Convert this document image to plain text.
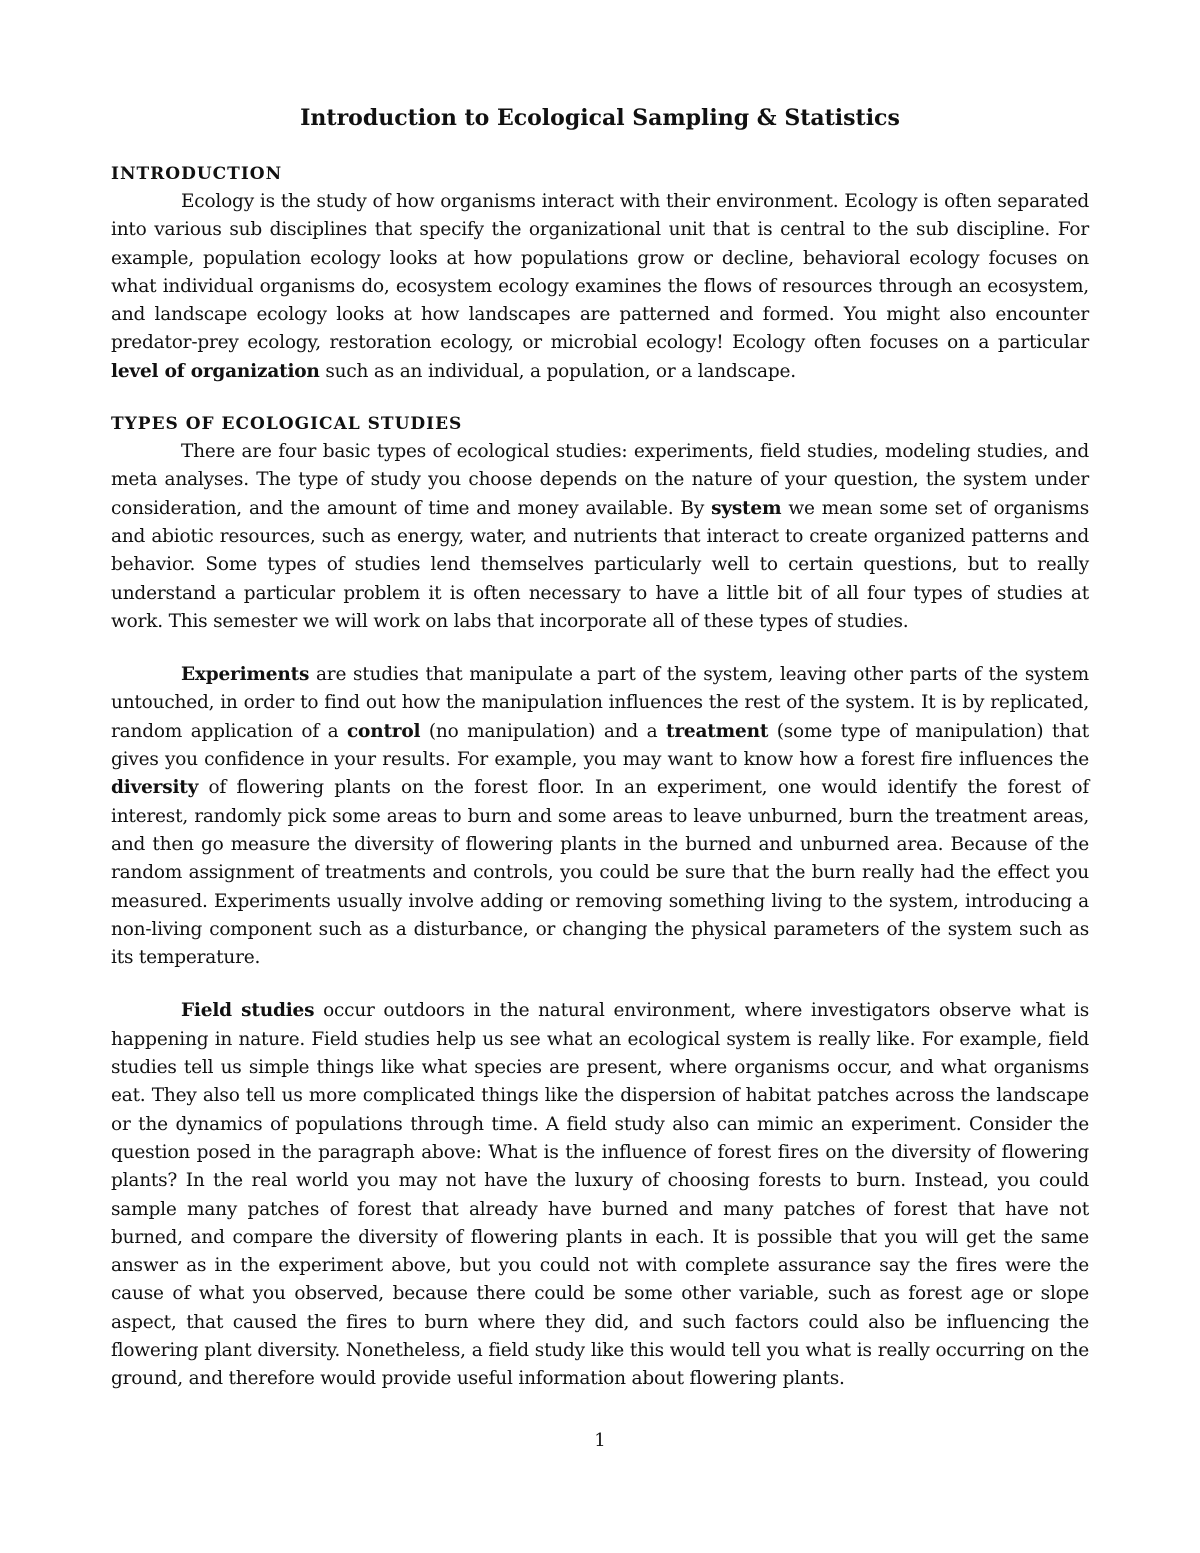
Introduction to Ecological Sampling & Statistics
INTRODUCTION

Ecology is the study of how organisms interact with their environment. Ecology is often separated into various sub disciplines that specify the organizational unit that is central to the sub discipline. For example, population ecology looks at how populations grow or decline, behavioral ecology focuses on what individual organisms do, ecosystem ecology examines the flows of resources through an ecosystem, and landscape ecology looks at how landscapes are patterned and formed. You might also encounter predator-prey ecology, restoration ecology, or microbial ecology! Ecology often focuses on a particular level of organization such as an individual, a population, or a landscape.

TYPES OF ECOLOGICAL STUDIES

There are four basic types of ecological studies: experiments, field studies, modeling studies, and meta analyses. The type of study you choose depends on the nature of your question, the system under consideration, and the amount of time and money available. By system we mean some set of organisms and abiotic resources, such as energy, water, and nutrients that interact to create organized patterns and behavior. Some types of studies lend themselves particularly well to certain questions, but to really understand a particular problem it is often necessary to have a little bit of all four types of studies at work. This semester we will work on labs that incorporate all of these types of studies.

Experiments are studies that manipulate a part of the system, leaving other parts of the system untouched, in order to find out how the manipulation influences the rest of the system. It is by replicated, random application of a control (no manipulation) and a treatment (some type of manipulation) that gives you confidence in your results. For example, you may want to know how a forest fire influences the diversity of flowering plants on the forest floor. In an experiment, one would identify the forest of interest, randomly pick some areas to burn and some areas to leave unburned, burn the treatment areas, and then go measure the diversity of flowering plants in the burned and unburned area. Because of the random assignment of treatments and controls, you could be sure that the burn really had the effect you measured. Experiments usually involve adding or removing something living to the system, introducing a non-living component such as a disturbance, or changing the physical parameters of the system such as its temperature.

Field studies occur outdoors in the natural environment, where investigators observe what is happening in nature. Field studies help us see what an ecological system is really like. For example, field studies tell us simple things like what species are present, where organisms occur, and what organisms eat. They also tell us more complicated things like the dispersion of habitat patches across the landscape or the dynamics of populations through time. A field study also can mimic an experiment. Consider the question posed in the paragraph above: What is the influence of forest fires on the diversity of flowering plants? In the real world you may not have the luxury of choosing forests to burn. Instead, you could sample many patches of forest that already have burned and many patches of forest that have not burned, and compare the diversity of flowering plants in each. It is possible that you will get the same answer as in the experiment above, but you could not with complete assurance say the fires were the cause of what you observed, because there could be some other variable, such as forest age or slope aspect, that caused the fires to burn where they did, and such factors could also be influencing the flowering plant diversity. Nonetheless, a field study like this would tell you what is really occurring on the ground, and therefore would provide useful information about flowering plants.

1
